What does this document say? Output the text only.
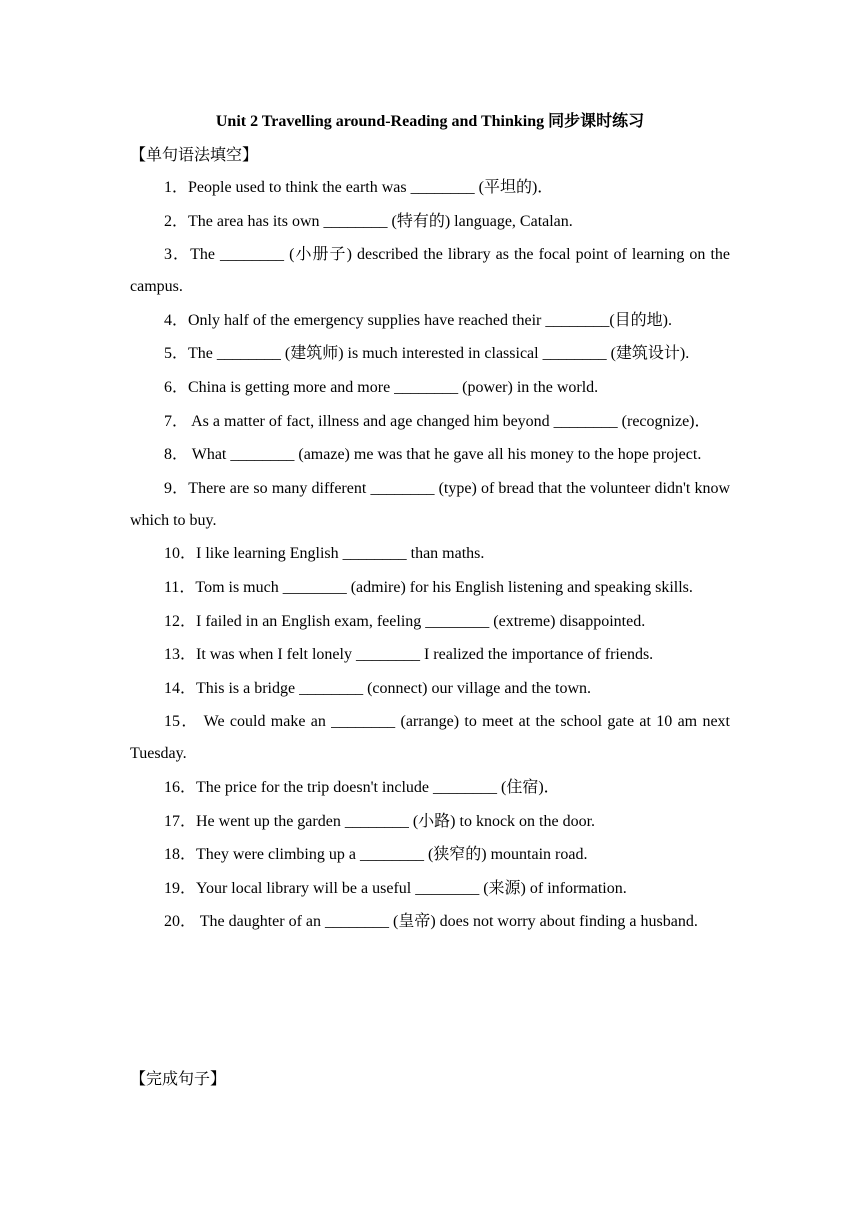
Unit 2 Travelling around-Reading and Thinking 同步课时练习
【单句语法填空】
1．People used to think the earth was ________ (平坦的)．
2．The area has its own ________ (特有的) language, Catalan.
3．The ________ (小册子) described the library as the focal point of learning on the campus.
4．Only half of the emergency supplies have reached their ________(目的地).
5．The ________ (建筑师) is much interested in classical ________ (建筑设计).
6．China is getting more and more ________ (power) in the world.
7． As a matter of fact, illness and age changed him beyond ________ (recognize)．
8． What ________ (amaze) me was that he gave all his money to the hope project.
9．There are so many different ________ (type) of bread that the volunteer didn't know which to buy.
10．I like learning English ________ than maths.
11．Tom is much ________ (admire) for his English listening and speaking skills.
12．I failed in an English exam, feeling ________ (extreme) disappointed.
13．It was when I felt lonely ________ I realized the importance of friends.
14．This is a bridge ________ (connect) our village and the town.
15． We could make an ________ (arrange) to meet at the school gate at 10 am next Tuesday.
16．The price for the trip doesn't include ________ (住宿)．
17．He went up the garden ________ (小路) to knock on the door.
18．They were climbing up a ________ (狭窄的) mountain road.
19．Your local library will be a useful ________ (来源) of information.
20． The daughter of an ________ (皇帝) does not worry about finding a husband.
【完成句子】
